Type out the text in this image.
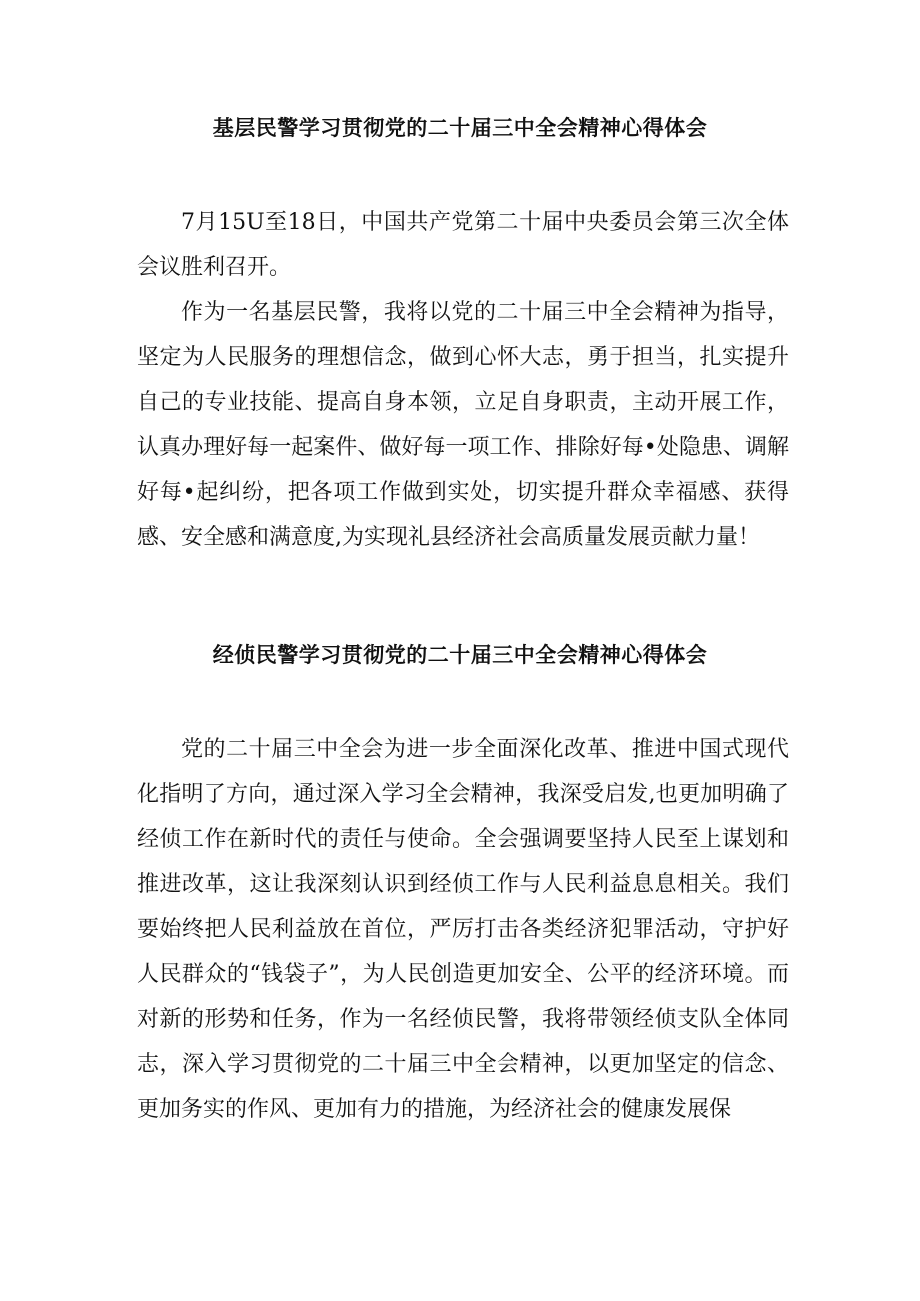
基层民警学习贯彻党的二十届三中全会精神心得体会

7月15U至18日，中国共产党第二十届中央委员会第三次全体会议胜利召开。

作为一名基层民警，我将以党的二十届三中全会精神为指导，坚定为人民服务的理想信念，做到心怀大志，勇于担当，扎实提升自己的专业技能、提高自身本领，立足自身职责，主动开展工作，认真办理好每一起案件、做好每一项工作、排除好每•处隐患、调解好每•起纠纷，把各项工作做到实处，切实提升群众幸福感、获得感、安全感和满意度,为实现礼县经济社会高质量发展贡献力量！

经侦民警学习贯彻党的二十届三中全会精神心得体会

党的二十届三中全会为进一步全面深化改革、推进中国式现代化指明了方向，通过深入学习全会精神，我深受启发,也更加明确了经侦工作在新时代的责任与使命。全会强调要坚持人民至上谋划和推进改革，这让我深刻认识到经侦工作与人民利益息息相关。我们要始终把人民利益放在首位，严厉打击各类经济犯罪活动，守护好人民群众的“钱袋子”，为人民创造更加安全、公平的经济环境。而对新的形势和任务，作为一名经侦民警，我将带领经侦支队全体同志，深入学习贯彻党的二十届三中全会精神，以更加坚定的信念、更加务实的作风、更加有力的措施，为经济社会的健康发展保
